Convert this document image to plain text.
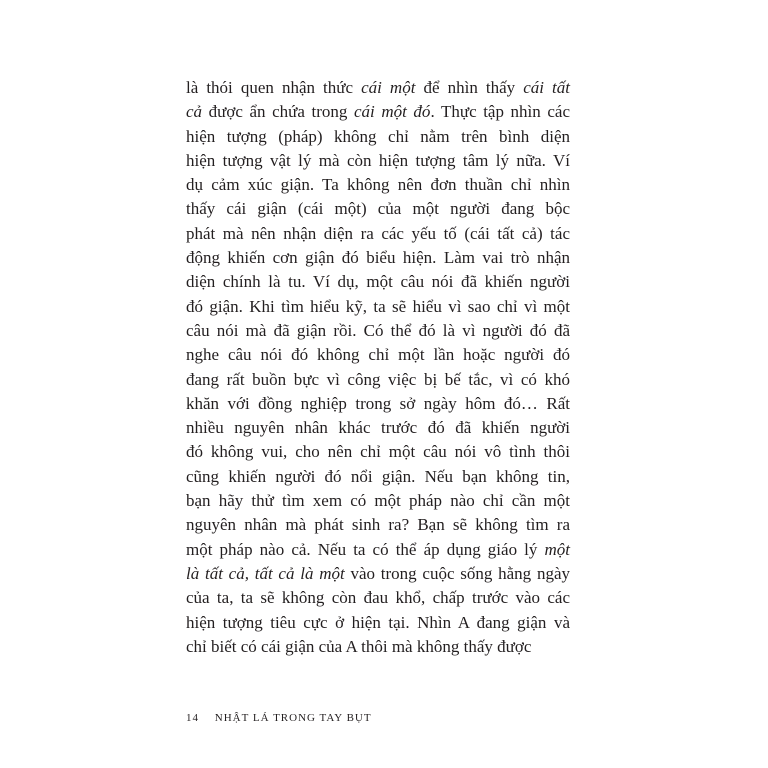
là thói quen nhận thức cái một để nhìn thấy cái tất
cả được ẩn chứa trong cái một đó. Thực tập nhìn các
hiện tượng (pháp) không chỉ nằm trên bình diện
hiện tượng vật lý mà còn hiện tượng tâm lý nữa. Ví
dụ cảm xúc giận. Ta không nên đơn thuần chỉ nhìn
thấy cái giận (cái một) của một người đang bộc
phát mà nên nhận diện ra các yếu tố (cái tất cả) tác
động khiến cơn giận đó biểu hiện. Làm vai trò nhận
diện chính là tu. Ví dụ, một câu nói đã khiến người
đó giận. Khi tìm hiểu kỹ, ta sẽ hiểu vì sao chỉ vì một
câu nói mà đã giận rồi. Có thể đó là vì người đó đã
nghe câu nói đó không chỉ một lần hoặc người đó
đang rất buồn bực vì công việc bị bế tắc, vì có khó
khăn với đồng nghiệp trong sở ngày hôm đó… Rất
nhiều nguyên nhân khác trước đó đã khiến người
đó không vui, cho nên chỉ một câu nói vô tình thôi
cũng khiến người đó nổi giận. Nếu bạn không tin,
bạn hãy thử tìm xem có một pháp nào chỉ cần một
nguyên nhân mà phát sinh ra? Bạn sẽ không tìm ra
một pháp nào cả. Nếu ta có thể áp dụng giáo lý một
là tất cả, tất cả là một vào trong cuộc sống hằng ngày
của ta, ta sẽ không còn đau khổ, chấp trước vào các
hiện tượng tiêu cực ở hiện tại. Nhìn A đang giận và
chỉ biết có cái giận của A thôi mà không thấy được
14 NHẬT LÁ TRONG TAY BỤT
